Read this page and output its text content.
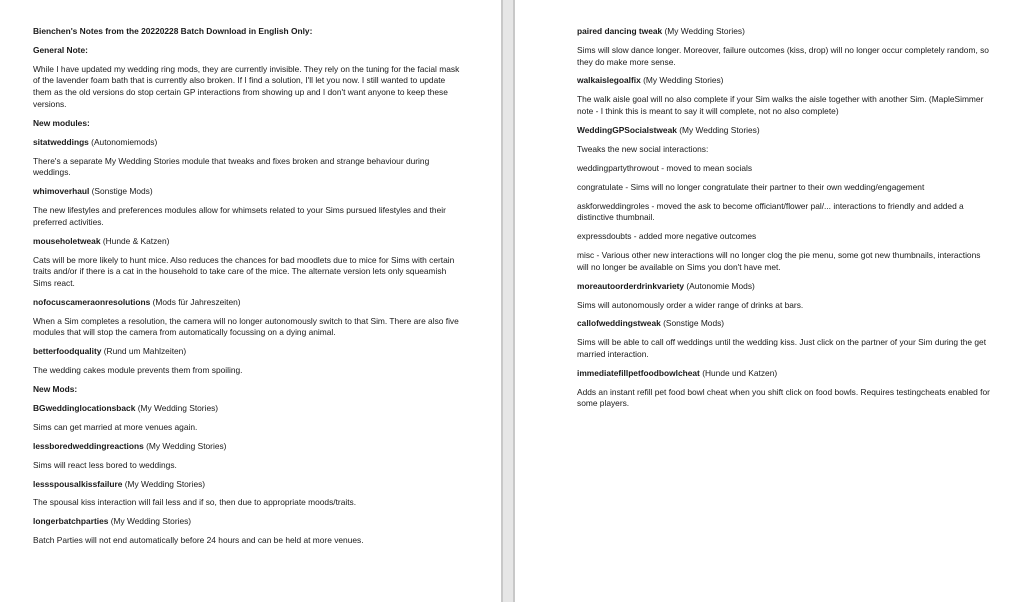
Bienchen's Notes from the 20220228 Batch Download in English Only:

General Note:

While I have updated my wedding ring mods, they are currently invisible. They rely on the tuning for the facial mask of the lavender foam bath that is currently also broken. If I find a solution, I'll let you now. I still wanted to update them as the old versions do stop certain GP interactions from showing up and I don't want anyone to keep these versions.

New modules:

sitatweddings (Autonomiemods)

There's a separate My Wedding Stories module that tweaks and fixes broken and strange behaviour during weddings.

whimoverhaul (Sonstige Mods)

The new lifestyles and preferences modules allow for whimsets related to your Sims pursued lifestyles and their preferred activities.

mouseholetweak (Hunde & Katzen)

Cats will be more likely to hunt mice. Also reduces the chances for bad moodlets due to mice for Sims with certain traits and/or if there is a cat in the household to take care of the mice. The alternate version lets only squeamish Sims react.

nofocuscameraonresolutions (Mods für Jahreszeiten)

When a Sim completes a resolution, the camera will no longer autonomously switch to that Sim. There are also five modules that will stop the camera from automatically focussing on a dying animal.

betterfoodquality (Rund um Mahlzeiten)

The wedding cakes module prevents them from spoiling.

New Mods:

BGweddinglocationsback (My Wedding Stories)

Sims can get married at more venues again.

lessboredweddingreactions (My Wedding Stories)

Sims will react less bored to weddings.

lessspousalkissfailure (My Wedding Stories)

The spousal kiss interaction will fail less and if so, then due to appropriate moods/traits.

longerbatchparties (My Wedding Stories)

Batch Parties will not end automatically before 24 hours and can be held at more venues.

paired dancing tweak (My Wedding Stories)

Sims will slow dance longer. Moreover, failure outcomes (kiss, drop) will no longer occur completely random, so they do make more sense.

walkaislegoalfix (My Wedding Stories)

The walk aisle goal will no also complete if your Sim walks the aisle together with another Sim. (MapleSimmer note - I think this is meant to say it will complete, not no also complete)

WeddingGPSocialstweak (My Wedding Stories)

Tweaks the new social interactions:

weddingpartythrowout - moved to mean socials

congratulate - Sims will no longer congratulate their partner to their own wedding/engagement

askforweddingroles - moved the ask to become officiant/flower pal/... interactions to friendly and added a distinctive thumbnail.

expressdoubts - added more negative outcomes

misc - Various other new interactions will no longer clog the pie menu, some got new thumbnails, interactions will no longer be available on Sims you don't have met.

moreautoorderdrinkvariety (Autonomie Mods)

Sims will autonomously order a wider range of drinks at bars.

callofweddingstweak (Sonstige Mods)

Sims will be able to call off weddings until the wedding kiss. Just click on the partner of your Sim during the get married interaction.

immediatefillpetfoodbowlcheat (Hunde und Katzen)

Adds an instant refill pet food bowl cheat when you shift click on food bowls. Requires testingcheats enabled for some players.
